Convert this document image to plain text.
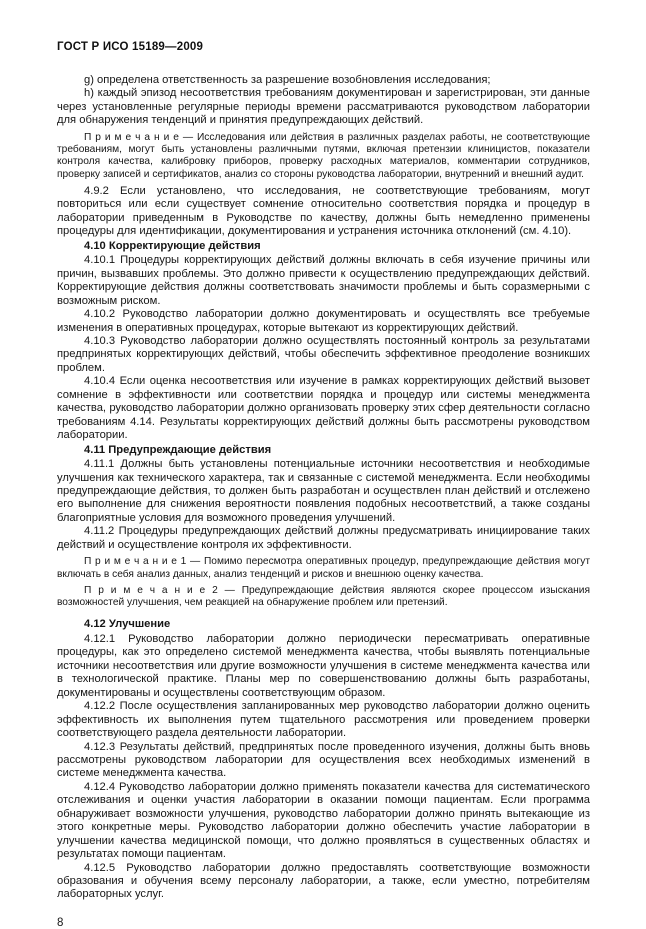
ГОСТ Р ИСО 15189—2009

g) определена ответственность за разрешение возобновления исследования;

h) каждый эпизод несоответствия требованиям документирован и зарегистрирован, эти данные через установленные регулярные периоды времени рассматриваются руководством лаборатории для обнаружения тенденций и принятия предупреждающих действий.

П р и м е ч а н и е — Исследования или действия в различных разделах работы, не соответствующие требованиям, могут быть установлены различными путями, включая претензии клиницистов, показатели контроля качества, калибровку приборов, проверку расходных материалов, комментарии сотрудников, проверку записей и сертификатов, анализ со стороны руководства лаборатории, внутренний и внешний аудит.

4.9.2 Если установлено, что исследования, не соответствующие требованиям, могут повториться или если существует сомнение относительно соответствия порядка и процедур в лаборатории приведенным в Руководстве по качеству, должны быть немедленно применены процедуры для идентификации, документирования и устранения источника отклонений (см. 4.10).

4.10 Корректирующие действия

4.10.1 Процедуры корректирующих действий должны включать в себя изучение причины или причин, вызвавших проблемы. Это должно привести к осуществлению предупреждающих действий. Корректирующие действия должны соответствовать значимости проблемы и быть соразмерными с возможным риском.

4.10.2 Руководство лаборатории должно документировать и осуществлять все требуемые изменения в оперативных процедурах, которые вытекают из корректирующих действий.

4.10.3 Руководство лаборатории должно осуществлять постоянный контроль за результатами предпринятых корректирующих действий, чтобы обеспечить эффективное преодоление возникших проблем.

4.10.4 Если оценка несоответствия или изучение в рамках корректирующих действий вызовет сомнение в эффективности или соответствии порядка и процедур или системы менеджмента качества, руководство лаборатории должно организовать проверку этих сфер деятельности согласно требованиям 4.14. Результаты корректирующих действий должны быть рассмотрены руководством лаборатории.

4.11 Предупреждающие действия

4.11.1 Должны быть установлены потенциальные источники несоответствия и необходимые улучшения как технического характера, так и связанные с системой менеджмента. Если необходимы предупреждающие действия, то должен быть разработан и осуществлен план действий и отслежено его выполнение для снижения вероятности появления подобных несоответствий, а также созданы благоприятные условия для возможного проведения улучшений.

4.11.2 Процедуры предупреждающих действий должны предусматривать инициирование таких действий и осуществление контроля их эффективности.

П р и м е ч а н и е 1 — Помимо пересмотра оперативных процедур, предупреждающие действия могут включать в себя анализ данных, анализ тенденций и рисков и внешнюю оценку качества.

П р и м е ч а н и е 2 — Предупреждающие действия являются скорее процессом изыскания возможностей улучшения, чем реакцией на обнаружение проблем или претензий.

4.12 Улучшение

4.12.1 Руководство лаборатории должно периодически пересматривать оперативные процедуры, как это определено системой менеджмента качества, чтобы выявлять потенциальные источники несоответствия или другие возможности улучшения в системе менеджмента качества или в технологической практике. Планы мер по совершенствованию должны быть разработаны, документированы и осуществлены соответствующим образом.

4.12.2 После осуществления запланированных мер руководство лаборатории должно оценить эффективность их выполнения путем тщательного рассмотрения или проведением проверки соответствующего раздела деятельности лаборатории.

4.12.3 Результаты действий, предпринятых после проведенного изучения, должны быть вновь рассмотрены руководством лаборатории для осуществления всех необходимых изменений в системе менеджмента качества.

4.12.4 Руководство лаборатории должно применять показатели качества для систематического отслеживания и оценки участия лаборатории в оказании помощи пациентам. Если программа обнаруживает возможности улучшения, руководство лаборатории должно принять вытекающие из этого конкретные меры. Руководство лаборатории должно обеспечить участие лаборатории в улучшении качества медицинской помощи, что должно проявляться в существенных областях и результатах помощи пациентам.

4.12.5 Руководство лаборатории должно предоставлять соответствующие возможности образования и обучения всему персоналу лаборатории, а также, если уместно, потребителям лабораторных услуг.

8
